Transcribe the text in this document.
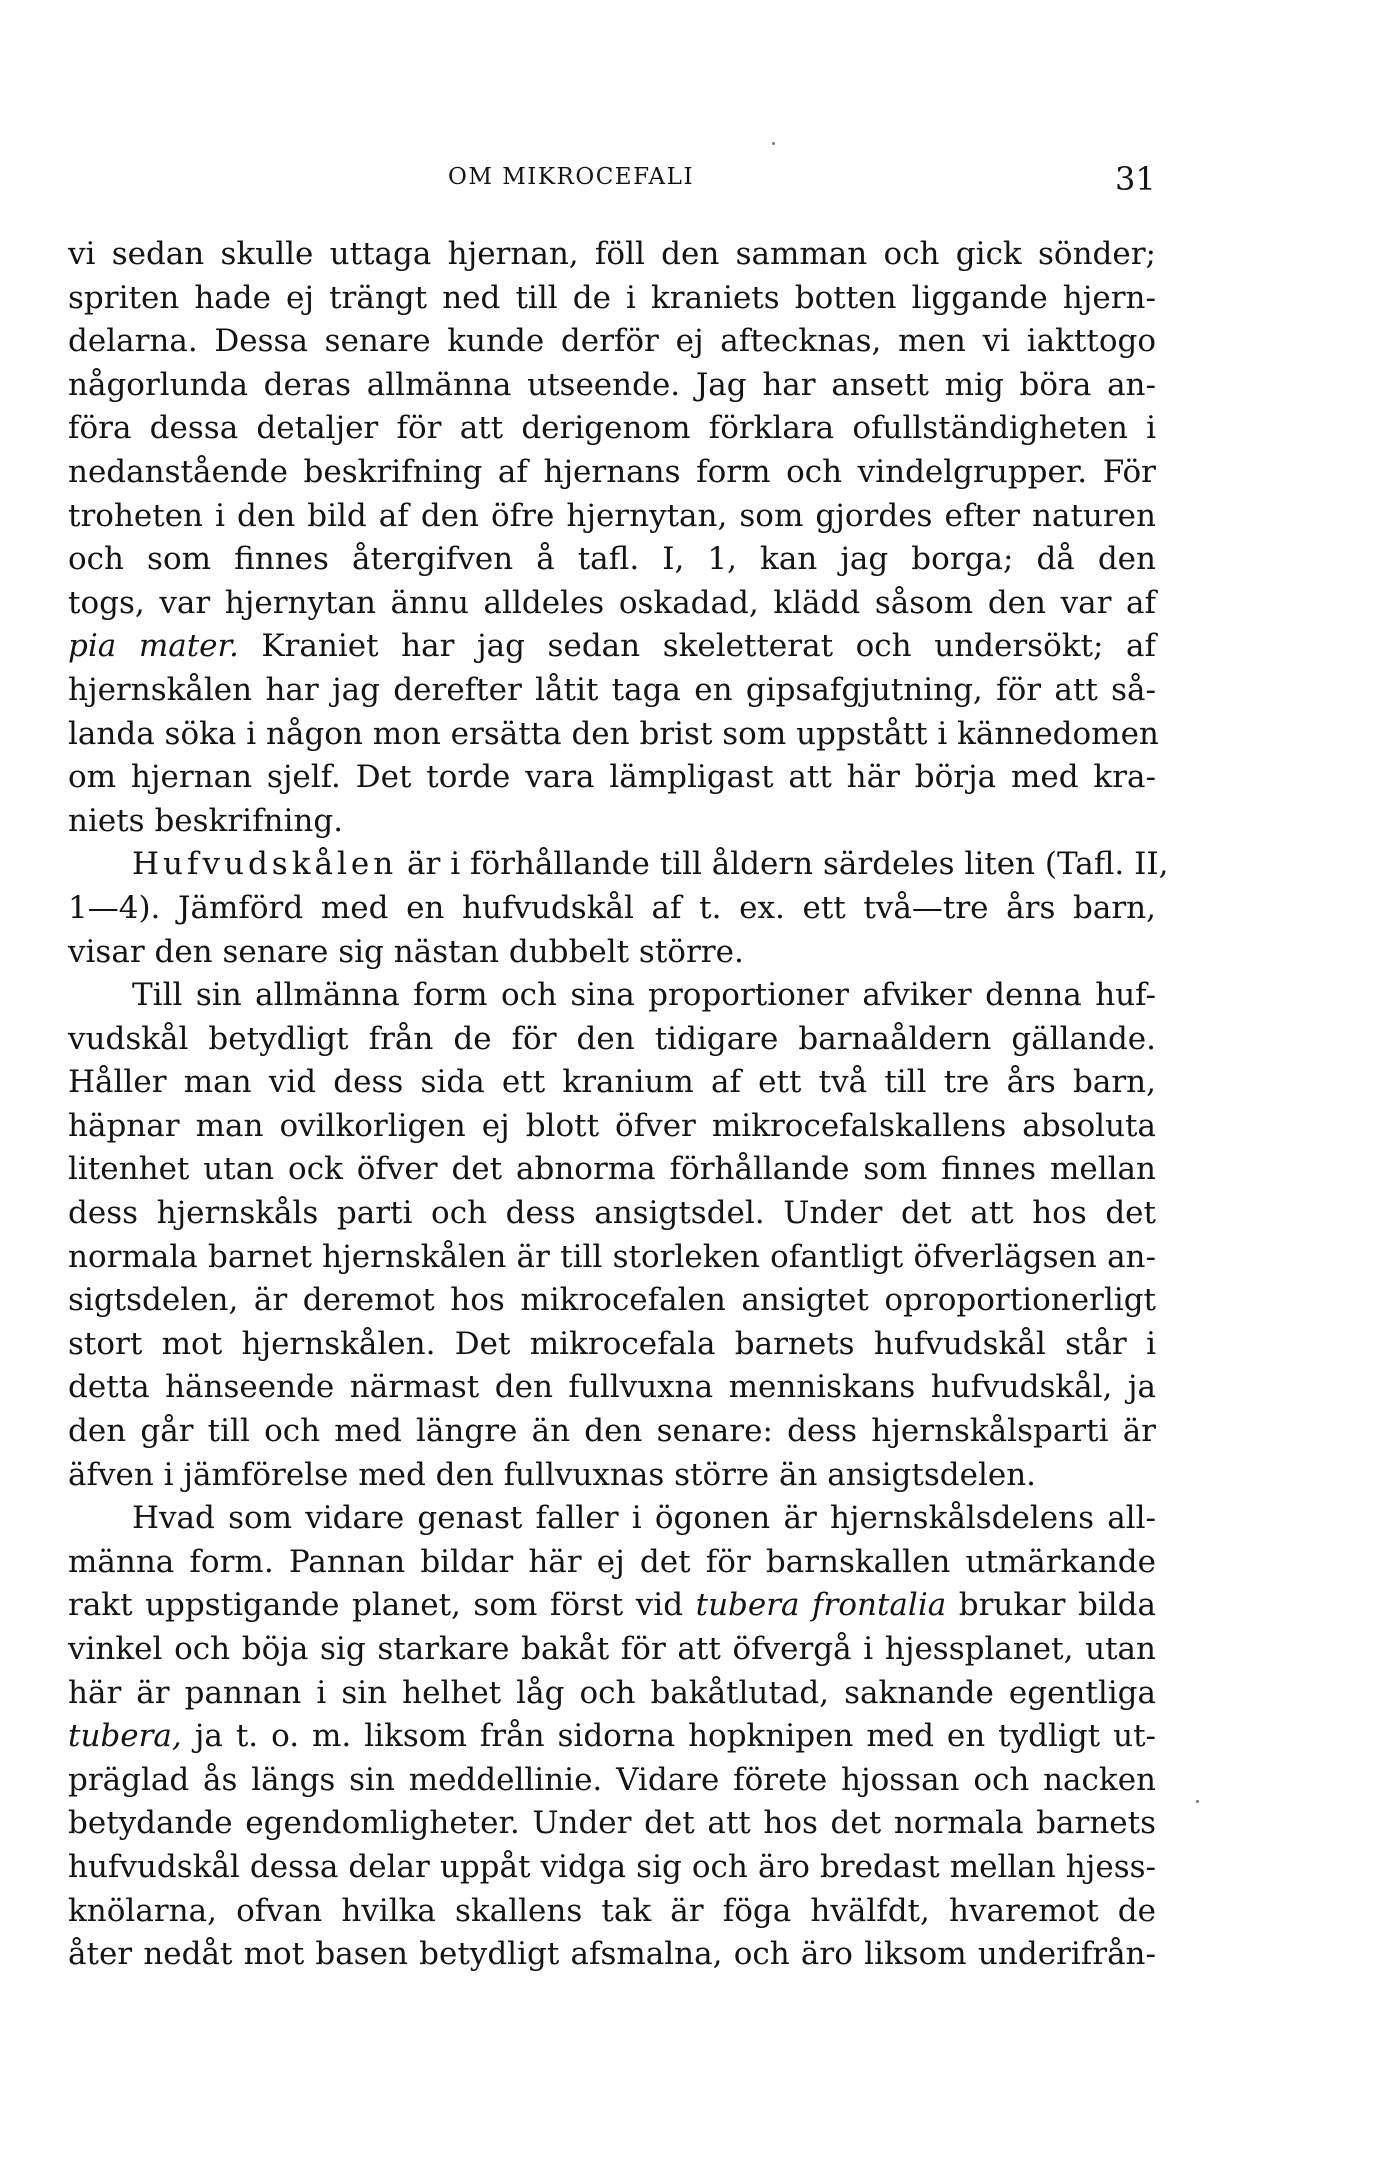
OM MIKROCEFALI	31
vi sedan skulle uttaga hjernan, föll den samman och gick sönder;
spriten hade ej trängt ned till de i kraniets botten liggande hjern-
delarna. Dessa senare kunde derför ej aftecknas, men vi iakttogo
någorlunda deras allmänna utseende. Jag har ansett mig böra an-
föra dessa detaljer för att derigenom förklara ofullständigheten i
nedanstående beskrifning af hjernans form och vindelgrupper. För
troheten i den bild af den öfre hjernytan, som gjordes efter naturen
och som finnes återgifven å tafl. I, 1, kan jag borga; då den
togs, var hjernytan ännu alldeles oskadad, klädd såsom den var af
pia mater. Kraniet har jag sedan skeletterat och undersökt; af
hjernskålen har jag derefter låtit taga en gipsafgjutning, för att så-
landa söka i någon mon ersätta den brist som uppstått i kännedomen
om hjernan sjelf. Det torde vara lämpligast att här börja med kra-
niets beskrifning.
Hufvudskålen är i förhållande till åldern särdeles liten (Tafl. II,
1—4). Jämförd med en hufvudskål af t. ex. ett två—tre års barn,
visar den senare sig nästan dubbelt större.
Till sin allmänna form och sina proportioner afviker denna huf-
vudskål betydligt från de för den tidigare barnaåldern gällande.
Håller man vid dess sida ett kranium af ett två till tre års barn,
häpnar man ovilkorligen ej blott öfver mikrocefalskallens absoluta
litenhet utan ock öfver det abnorma förhållande som finnes mellan
dess hjernskåls parti och dess ansigtsdel. Under det att hos det
normala barnet hjernskålen är till storleken ofantligt öfverlägsen an-
sigtsdelen, är deremot hos mikrocefalen ansigtet oproportionerligt
stort mot hjernskålen. Det mikrocefala barnets hufvudskål står i
detta hänseende närmast den fullvuxna menniskans hufvudskål, ja
den går till och med längre än den senare: dess hjernskålsparti är
äfven i jämförelse med den fullvuxnas större än ansigtsdelen.
Hvad som vidare genast faller i ögonen är hjernskålsdelens all-
männa form. Pannan bildar här ej det för barnskallen utmärkande
rakt uppstigande planet, som först vid tubera frontalia brukar bilda
vinkel och böja sig starkare bakåt för att öfvergå i hjessplanet, utan
här är pannan i sin helhet låg och bakåtlutad, saknande egentliga
tubera, ja t. o. m. liksom från sidorna hopknipen med en tydligt ut-
präglad ås längs sin meddellinie. Vidare förete hjossan och nacken
betydande egendomligheter. Under det att hos det normala barnets
hufvudskål dessa delar uppåt vidga sig och äro bredast mellan hjess-
knölarna, ofvan hvilka skallens tak är föga hvälfdt, hvaremot de
åter nedåt mot basen betydligt afsmalna, och äro liksom underifrån-
